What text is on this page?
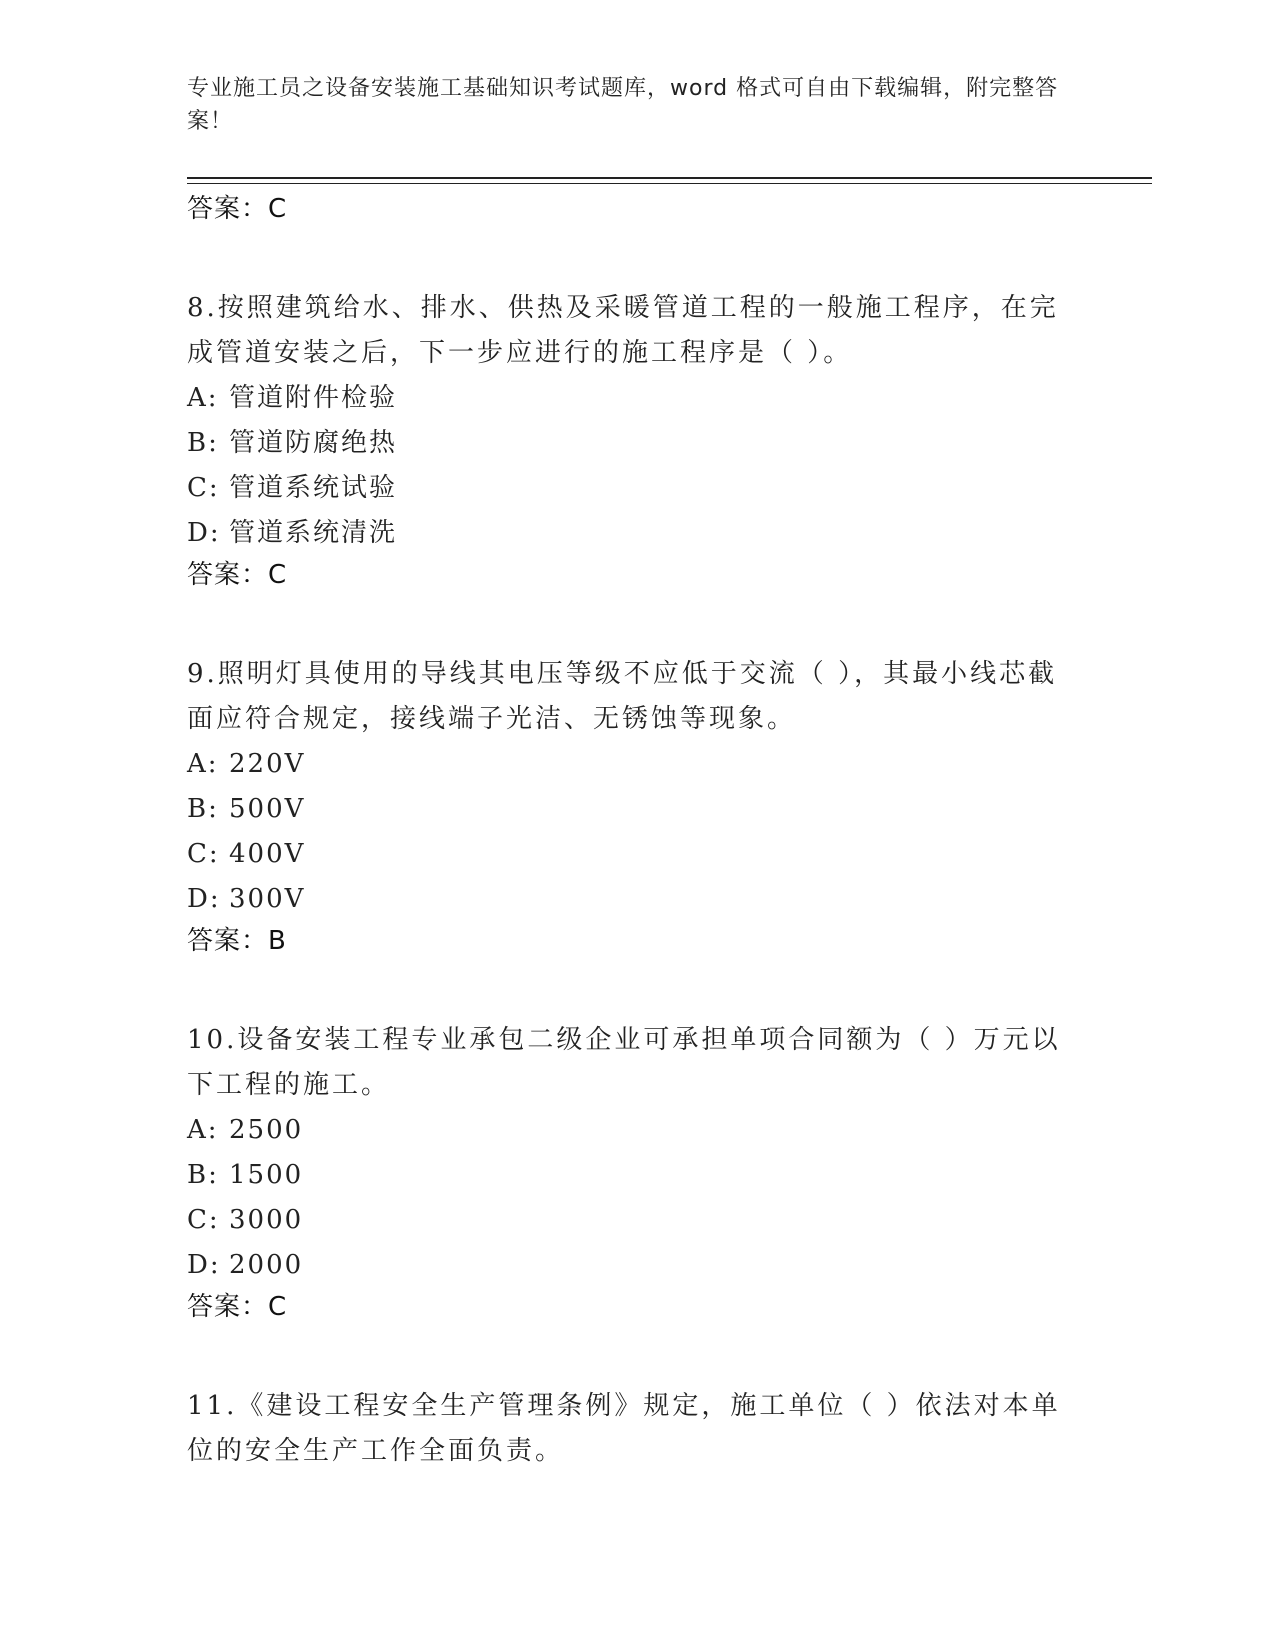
专业施工员之设备安装施工基础知识考试题库，word 格式可自由下载编辑，附完整答案！
答案：C
8.按照建筑给水、排水、供热及采暖管道工程的一般施工程序，在完成管道安装之后，下一步应进行的施工程序是（ ）。
A: 管道附件检验
B: 管道防腐绝热
C: 管道系统试验
D: 管道系统清洗
答案：C
9.照明灯具使用的导线其电压等级不应低于交流（ ），其最小线芯截面应符合规定，接线端子光洁、无锈蚀等现象。
A: 220V
B: 500V
C: 400V
D: 300V
答案：B
10.设备安装工程专业承包二级企业可承担单项合同额为（ ）万元以下工程的施工。
A: 2500
B: 1500
C: 3000
D: 2000
答案：C
11.《建设工程安全生产管理条例》规定，施工单位（ ）依法对本单位的安全生产工作全面负责。
